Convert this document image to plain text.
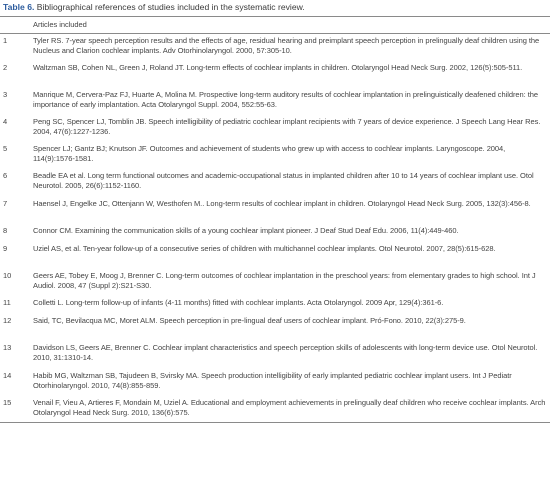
Table 6. Bibliographical references of studies included in the systematic review.

	Articles included
1	Tyler RS. 7-year speech perception results and the effects of age, residual hearing and preimplant speech perception in prelingually deaf children using the Nucleus and Clarion cochlear implants. Adv Otorhinolaryngol. 2000, 57:305-10.
2	Waltzman SB, Cohen NL, Green J, Roland JT. Long-term effects of cochlear implants in children. Otolaryngol Head Neck Surg. 2002, 126(5):505-511.
3	Manrique M, Cervera-Paz FJ, Huarte A, Molina M. Prospective long-term auditory results of cochlear implantation in prelinguistically deafened children: the importance of early implantation. Acta Otolaryngol Suppl. 2004, 552:55-63.
4	Peng SC, Spencer LJ, Tomblin JB. Speech intelligibility of pediatric cochlear implant recipients with 7 years of device experience. J Speech Lang Hear Res. 2004, 47(6):1227-1236.
5	Spencer LJ; Gantz BJ; Knutson JF. Outcomes and achievement of students who grew up with access to cochlear implants. Laryngoscope. 2004, 114(9):1576-1581.
6	Beadle EA et al. Long term functional outcomes and academic-occupational status in implanted children after 10 to 14 years of cochlear implant use. Otol Neurotol. 2005, 26(6):1152-1160.
7	Haensel J, Engelke JC, Ottenjann W, Westhofen M.. Long-term results of cochlear implant in children. Otolaryngol Head Neck Surg. 2005, 132(3):456-8.
8	Connor CM. Examining the communication skills of a young cochlear implant pioneer. J Deaf Stud Deaf Edu. 2006, 11(4):449-460.
9	Uziel AS, et al. Ten-year follow-up of a consecutive series of children with multichannel cochlear implants. Otol Neurotol. 2007, 28(5):615-628.
10	Geers AE, Tobey E, Moog J, Brenner C. Long-term outcomes of cochlear implantation in the preschool years: from elementary grades to high school. Int J Audiol. 2008, 47 (Suppl 2):S21-S30.
11	Colletti L. Long-term follow-up of infants (4-11 months) fitted with cochlear implants. Acta Otolaryngol. 2009 Apr, 129(4):361-6.
12	Said, TC, Bevilacqua MC, Moret ALM. Speech perception in pre-lingual deaf users of cochlear implant. Pró-Fono. 2010, 22(3):275-9.
13	Davidson LS, Geers AE, Brenner C. Cochlear implant characteristics and speech perception skills of adolescents with long-term device use. Otol Neurotol. 2010, 31:1310-14.
14	Habib MG, Waltzman SB, Tajudeen B, Svirsky MA. Speech production intelligibility of early implanted pediatric cochlear implant users. Int J Pediatr Otorhinolaryngol. 2010, 74(8):855-859.
15	Venail F, Vieu A, Artieres F, Mondain M, Uziel A. Educational and employment achievements in prelingually deaf children who receive cochlear implants. Arch Otolaryngol Head Neck Surg. 2010, 136(6):575.
